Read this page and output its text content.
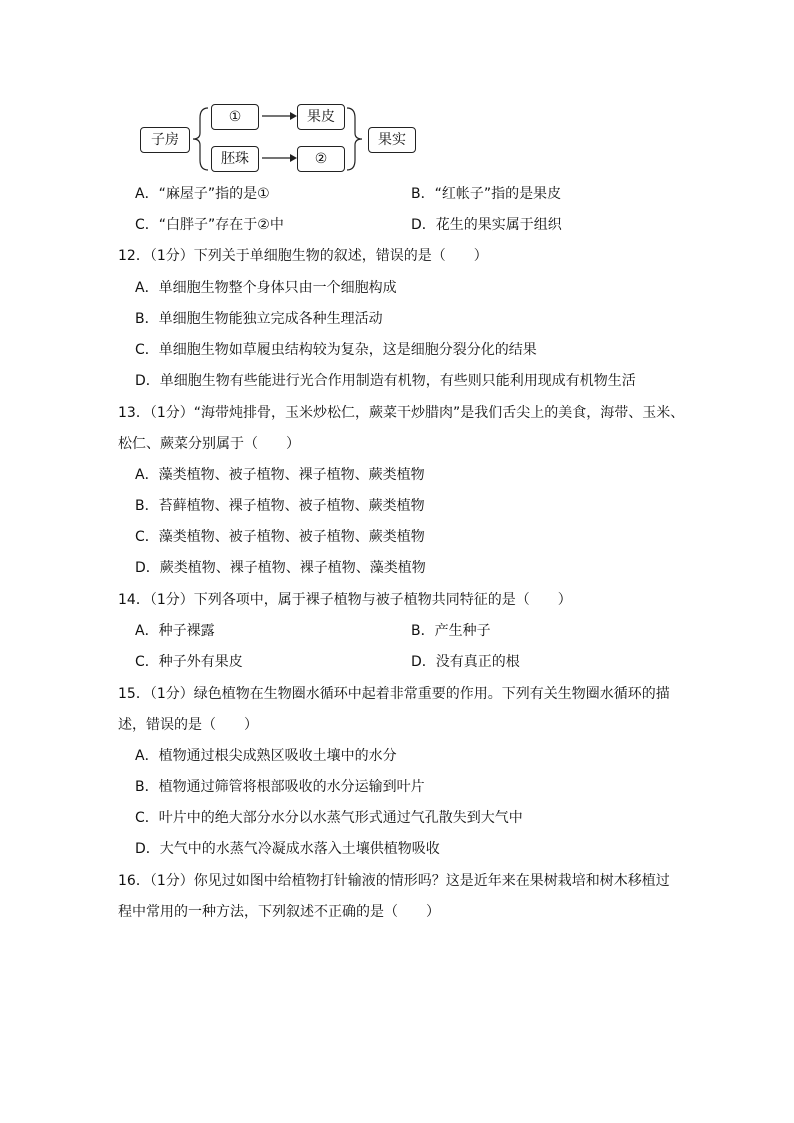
子房
①	果皮
胚珠	②
果实
A．“麻屋子”指的是①	B．“红帐子”指的是果皮
C．“白胖子”存在于②中	D．花生的果实属于组织
12．（1分）下列关于单细胞生物的叙述，错误的是（　　）
A．单细胞生物整个身体只由一个细胞构成
B．单细胞生物能独立完成各种生理活动
C．单细胞生物如草履虫结构较为复杂，这是细胞分裂分化的结果
D．单细胞生物有些能进行光合作用制造有机物，有些则只能利用现成有机物生活
13．（1分）“海带炖排骨，玉米炒松仁，蕨菜干炒腊肉”是我们舌尖上的美食，海带、玉米、
松仁、蕨菜分别属于（　　）
A．藻类植物、被子植物、裸子植物、蕨类植物
B．苔藓植物、裸子植物、被子植物、蕨类植物
C．藻类植物、被子植物、被子植物、蕨类植物
D．蕨类植物、裸子植物、裸子植物、藻类植物
14．（1分）下列各项中，属于裸子植物与被子植物共同特征的是（　　）
A．种子裸露	B．产生种子
C．种子外有果皮	D．没有真正的根
15．（1分）绿色植物在生物圈水循环中起着非常重要的作用。下列有关生物圈水循环的描
述，错误的是（　　）
A．植物通过根尖成熟区吸收土壤中的水分
B．植物通过筛管将根部吸收的水分运输到叶片
C．叶片中的绝大部分水分以水蒸气形式通过气孔散失到大气中
D．大气中的水蒸气冷凝成水落入土壤供植物吸收
16．（1分）你见过如图中给植物打针输液的情形吗？这是近年来在果树栽培和树木移植过
程中常用的一种方法，下列叙述不正确的是（　　）
